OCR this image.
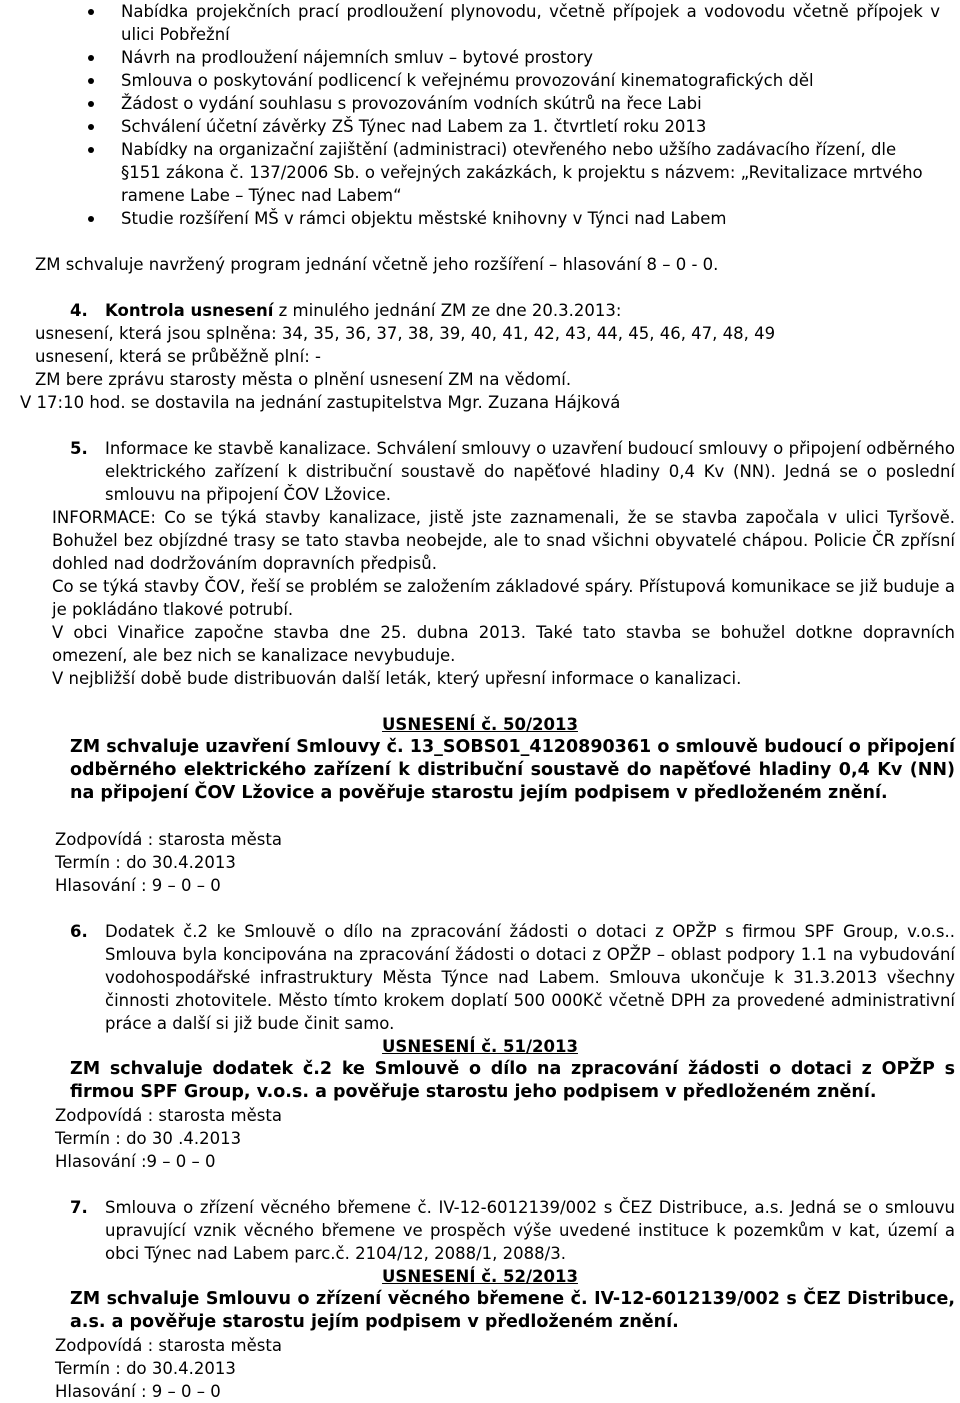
Nabídka projekčních prací prodloužení plynovodu, včetně přípojek a vodovodu včetně přípojek v ulici Pobřežní
Návrh na prodloužení nájemních smluv – bytové prostory
Smlouva o poskytování podlicencí k veřejnému provozování kinematografických děl
Žádost o vydání souhlasu s provozováním vodních skútrů na řece Labi
Schválení účetní závěrky ZŠ Týnec nad Labem za 1. čtvrtletí roku 2013
Nabídky na organizační zajištění (administraci) otevřeného nebo užšího zadávacího řízení, dle §151 zákona č. 137/2006 Sb. o veřejných zakázkách, k projektu s názvem: „Revitalizace mrtvého ramene Labe – Týnec nad Labem“
Studie rozšíření MŠ v rámci objektu městské knihovny v Týnci nad Labem
ZM schvaluje navržený program jednání včetně jeho rozšíření – hlasování 8 – 0 - 0.
4. Kontrola usnesení z minulého jednání ZM ze dne 20.3.2013:
usnesení, která jsou splněna: 34, 35, 36, 37, 38, 39, 40, 41, 42, 43, 44, 45, 46, 47, 48, 49
usnesení, která se průběžně plní: -
ZM bere zprávu starosty města o plnění usnesení ZM na vědomí.
V 17:10 hod. se dostavila na jednání zastupitelstva Mgr. Zuzana Hájková
5.	Informace ke stavbě kanalizace. Schválení smlouvy o uzavření budoucí smlouvy o připojení odběrného elektrického zařízení k distribuční soustavě do napěťové hladiny 0,4 Kv (NN). Jedná se o poslední smlouvu na připojení ČOV Lžovice.
INFORMACE: Co se týká stavby kanalizace, jistě jste zaznamenali, že se stavba započala v ulici Tyršově. Bohužel bez objízdné trasy se tato stavba neobejde, ale to snad všichni obyvatelé chápou. Policie ČR zpřísní dohled nad dodržováním dopravních předpisů.
Co se týká stavby ČOV, řeší se problém se založením základové spáry. Přístupová komunikace se již buduje a je pokládáno tlakové potrubí.
V obci Vinařice započne stavba dne 25. dubna 2013. Také tato stavba se bohužel dotkne dopravních omezení, ale bez nich se kanalizace nevybuduje.
V nejbližší době bude distribuován další leták, který upřesní informace o kanalizaci.
USNESENÍ č. 50/2013
ZM schvaluje uzavření Smlouvy č. 13_SOBS01_4120890361 o smlouvě budoucí o připojení odběrného elektrického zařízení k distribuční soustavě do napěťové hladiny 0,4 Kv (NN) na připojení ČOV Lžovice a pověřuje starostu jejím podpisem v předloženém znění.
Zodpovídá : starosta města
Termín : do 30.4.2013
Hlasování : 9 – 0 – 0
6.	Dodatek č.2 ke Smlouvě o dílo na zpracování žádosti o dotaci z OPŽP s firmou SPF Group, v.o.s.. Smlouva byla koncipována na zpracování žádosti o dotaci z OPŽP – oblast podpory 1.1 na vybudování vodohospodářské infrastruktury Města Týnce nad Labem. Smlouva ukončuje k 31.3.2013 všechny činnosti zhotovitele. Město tímto krokem doplatí 500 000Kč včetně DPH za provedené administrativní práce a další si již bude činit samo.
USNESENÍ č. 51/2013
ZM schvaluje dodatek č.2 ke Smlouvě o dílo na zpracování žádosti o dotaci z OPŽP s firmou SPF Group, v.o.s. a pověřuje starostu jeho podpisem v předloženém znění.
Zodpovídá : starosta města
Termín : do 30 .4.2013
Hlasování :9 – 0 – 0
7.	Smlouva o zřízení věcného břemene č. IV-12-6012139/002 s ČEZ Distribuce, a.s. Jedná se o smlouvu upravující vznik věcného břemene ve prospěch výše uvedené instituce k pozemkům v kat, území a obci Týnec nad Labem parc.č. 2104/12, 2088/1, 2088/3.
USNESENÍ č. 52/2013
ZM schvaluje Smlouvu o zřízení věcného břemene č. IV-12-6012139/002 s ČEZ Distribuce, a.s. a pověřuje starostu jejím podpisem v předloženém znění.
Zodpovídá : starosta města
Termín : do 30.4.2013
Hlasování : 9 – 0 – 0
